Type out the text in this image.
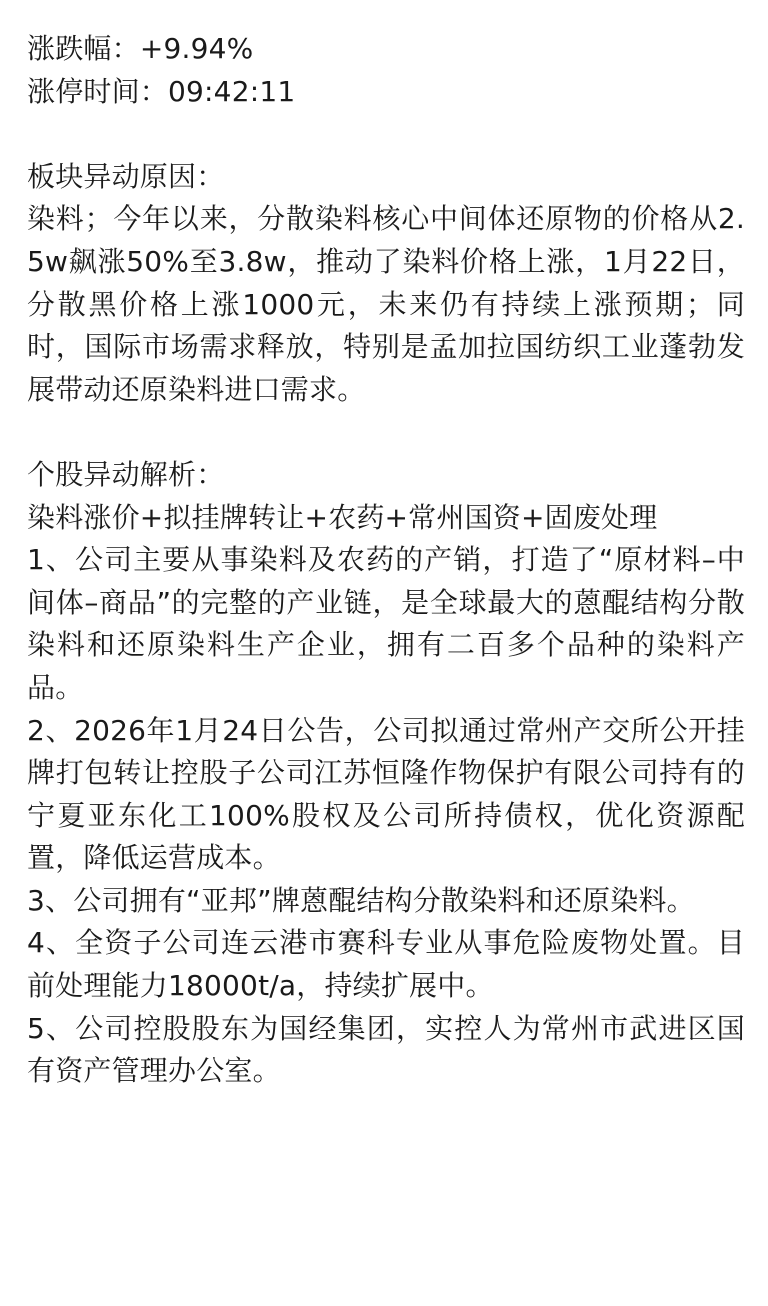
涨跌幅：+9.94%
涨停时间：09:42:11
板块异动原因：
染料；今年以来，分散染料核心中间体还原物的价格从2.5w飙涨50%至3.8w，推动了染料价格上涨，1月22日，分散黑价格上涨1000元，未来仍有持续上涨预期；同时，国际市场需求释放，特别是孟加拉国纺织工业蓬勃发展带动还原染料进口需求。
个股异动解析：
染料涨价+拟挂牌转让+农药+常州国资+固废处理
1、公司主要从事染料及农药的产销，打造了“原材料–中间体–商品”的完整的产业链，是全球最大的蒽醌结构分散染料和还原染料生产企业，拥有二百多个品种的染料产品。
2、2026年1月24日公告，公司拟通过常州产交所公开挂牌打包转让控股子公司江苏恒隆作物保护有限公司持有的宁夏亚东化工100%股权及公司所持债权，优化资源配置，降低运营成本。
3、公司拥有“亚邦”牌蒽醌结构分散染料和还原染料。
4、全资子公司连云港市赛科专业从事危险废物处置。目前处理能力18000t/a，持续扩展中。
5、公司控股股东为国经集团，实控人为常州市武进区国有资产管理办公室。
